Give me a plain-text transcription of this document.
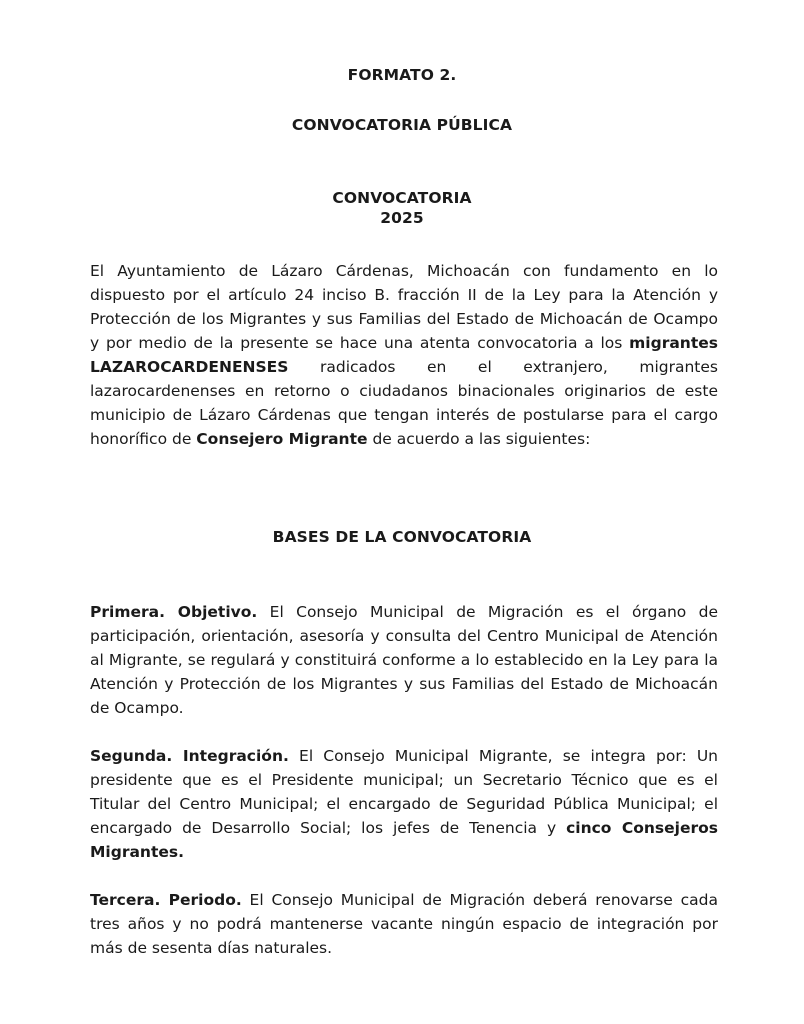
FORMATO 2.
CONVOCATORIA PÚBLICA
CONVOCATORIA
2025
El Ayuntamiento de Lázaro Cárdenas, Michoacán con fundamento en lo dispuesto por el artículo 24 inciso B. fracción II de la Ley para la Atención y Protección de los Migrantes y sus Familias del Estado de Michoacán de Ocampo y por medio de la presente se hace una atenta convocatoria a los migrantes LAZAROCARDENENSES radicados en el extranjero, migrantes lazarocardenenses en retorno o ciudadanos binacionales originarios de este municipio de Lázaro Cárdenas que tengan interés de postularse para el cargo honorífico de Consejero Migrante de acuerdo a las siguientes:
BASES DE LA CONVOCATORIA
Primera. Objetivo. El Consejo Municipal de Migración es el órgano de participación, orientación, asesoría y consulta del Centro Municipal de Atención al Migrante, se regulará y constituirá conforme a lo establecido en la Ley para la Atención y Protección de los Migrantes y sus Familias del Estado de Michoacán de Ocampo.
Segunda. Integración. El Consejo Municipal Migrante, se integra por: Un presidente que es el Presidente municipal; un Secretario Técnico que es el Titular del Centro Municipal; el encargado de Seguridad Pública Municipal; el encargado de Desarrollo Social; los jefes de Tenencia y cinco Consejeros Migrantes.
Tercera. Periodo. El Consejo Municipal de Migración deberá renovarse cada tres años y no podrá mantenerse vacante ningún espacio de integración por más de sesenta días naturales.
